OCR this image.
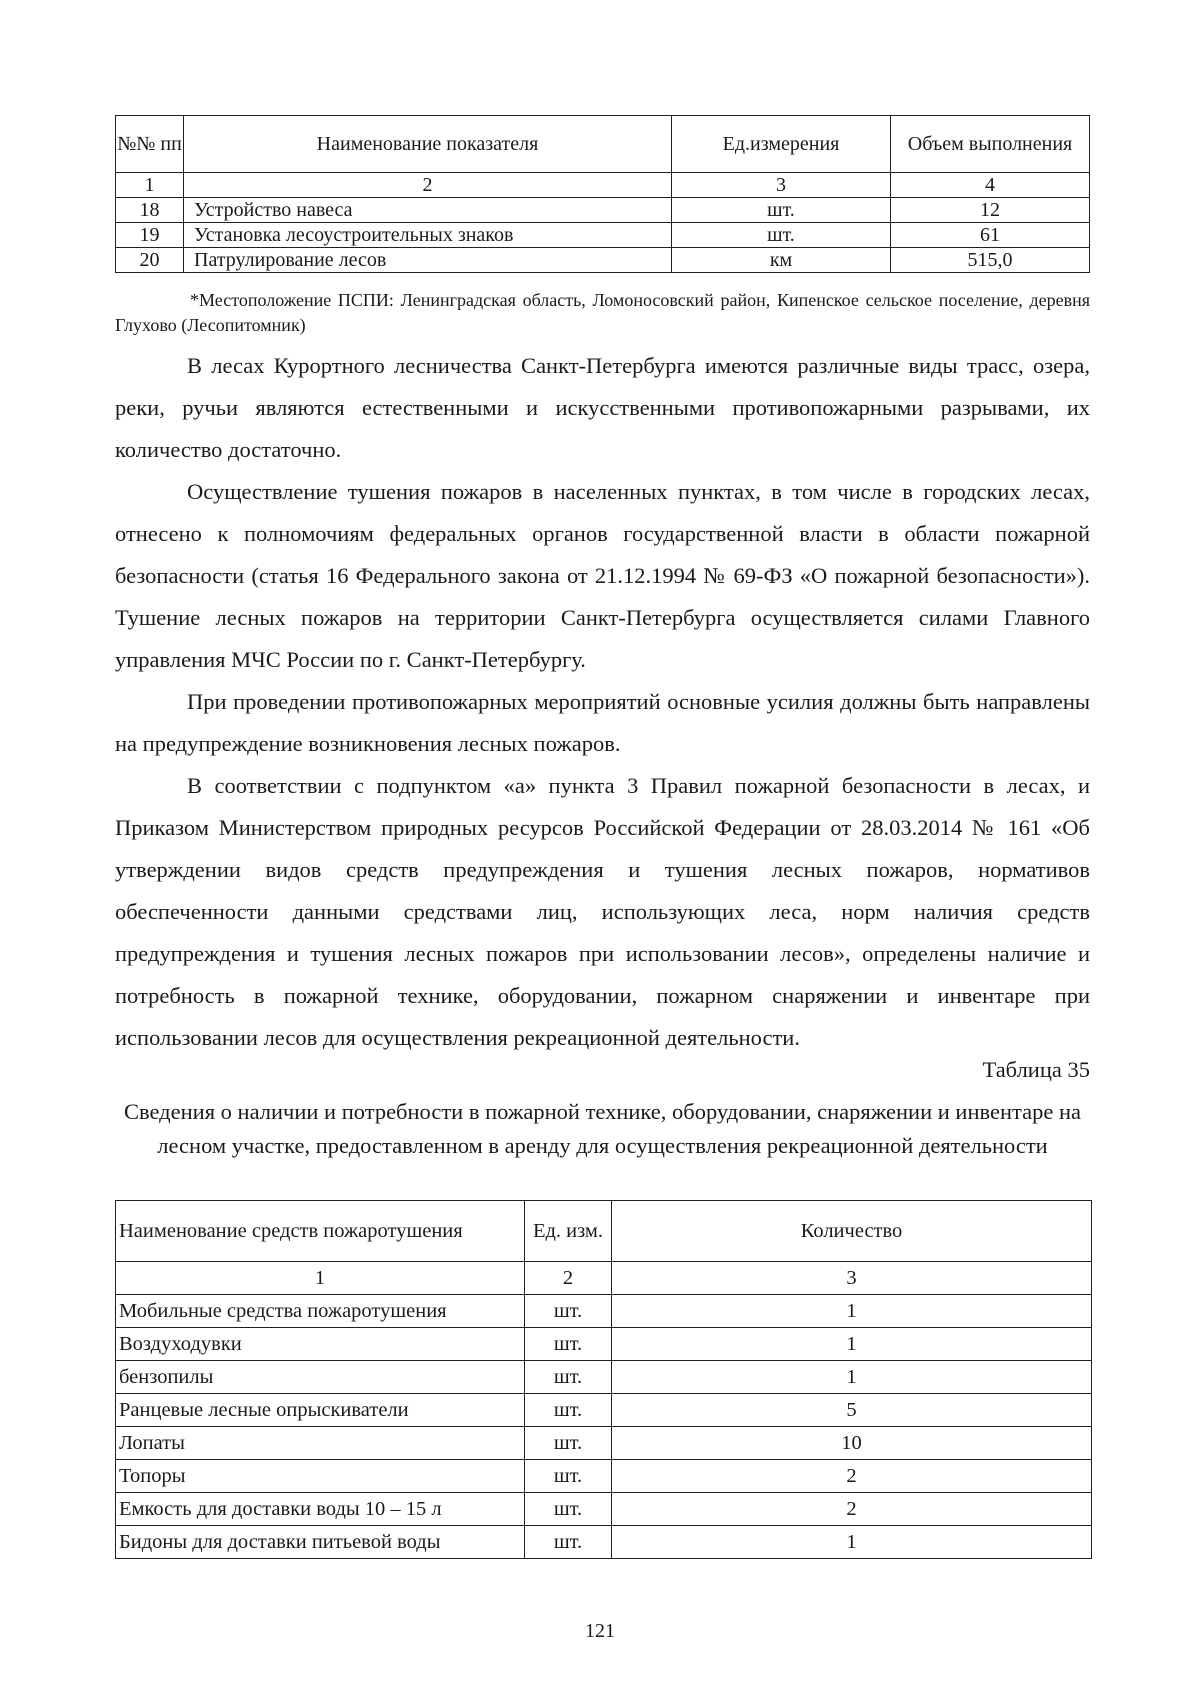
№№ пп	Наименование показателя	Ед.измерения	Объем выполнения
1	2	3	4
18	Устройство навеса	шт.	12
19	Установка лесоустроительных знаков	шт.	61
20	Патрулирование лесов	км	515,0
*Местоположение ПСПИ: Ленинградская область, Ломоносовский район, Кипенское сельское поселение, деревня Глухово (Лесопитомник)

В лесах Курортного лесничества Санкт-Петербурга имеются различные виды трасс, озера, реки, ручьи являются естественными и искусственными противопожарными разрывами, их количество достаточно.

Осуществление тушения пожаров в населенных пунктах, в том числе в городских лесах, отнесено к полномочиям федеральных органов государственной власти в области пожарной безопасности (статья 16 Федерального закона от 21.12.1994 № 69-ФЗ «О пожарной безопасности»). Тушение лесных пожаров на территории Санкт-Петербурга осуществляется силами Главного управления МЧС России по г. Санкт-Петербургу.

При проведении противопожарных мероприятий основные усилия должны быть направлены на предупреждение возникновения лесных пожаров.

В соответствии с подпунктом «а» пункта 3 Правил пожарной безопасности в лесах, и Приказом Министерством природных ресурсов Российской Федерации от 28.03.2014 № 161 «Об утверждении видов средств предупреждения и тушения лесных пожаров, нормативов обеспеченности данными средствами лиц, использующих леса, норм наличия средств предупреждения и тушения лесных пожаров при использовании лесов», определены наличие и потребность в пожарной технике, оборудовании, пожарном снаряжении и инвентаре при использовании лесов для осуществления рекреационной деятельности.

Таблица 35
Сведения о наличии и потребности в пожарной технике, оборудовании, снаряжении и инвентаре на лесном участке, предоставленном в аренду для осуществления рекреационной деятельности
Наименование средств пожаротушения	Ед. изм.	Количество
1	2	3
Мобильные средства пожаротушения	шт.	1
Воздуходувки	шт.	1
бензопилы	шт.	1
Ранцевые лесные опрыскиватели	шт.	5
Лопаты	шт.	10
Топоры	шт.	2
Емкость для доставки воды 10 – 15 л	шт.	2
Бидоны для доставки питьевой воды	шт.	1
121
